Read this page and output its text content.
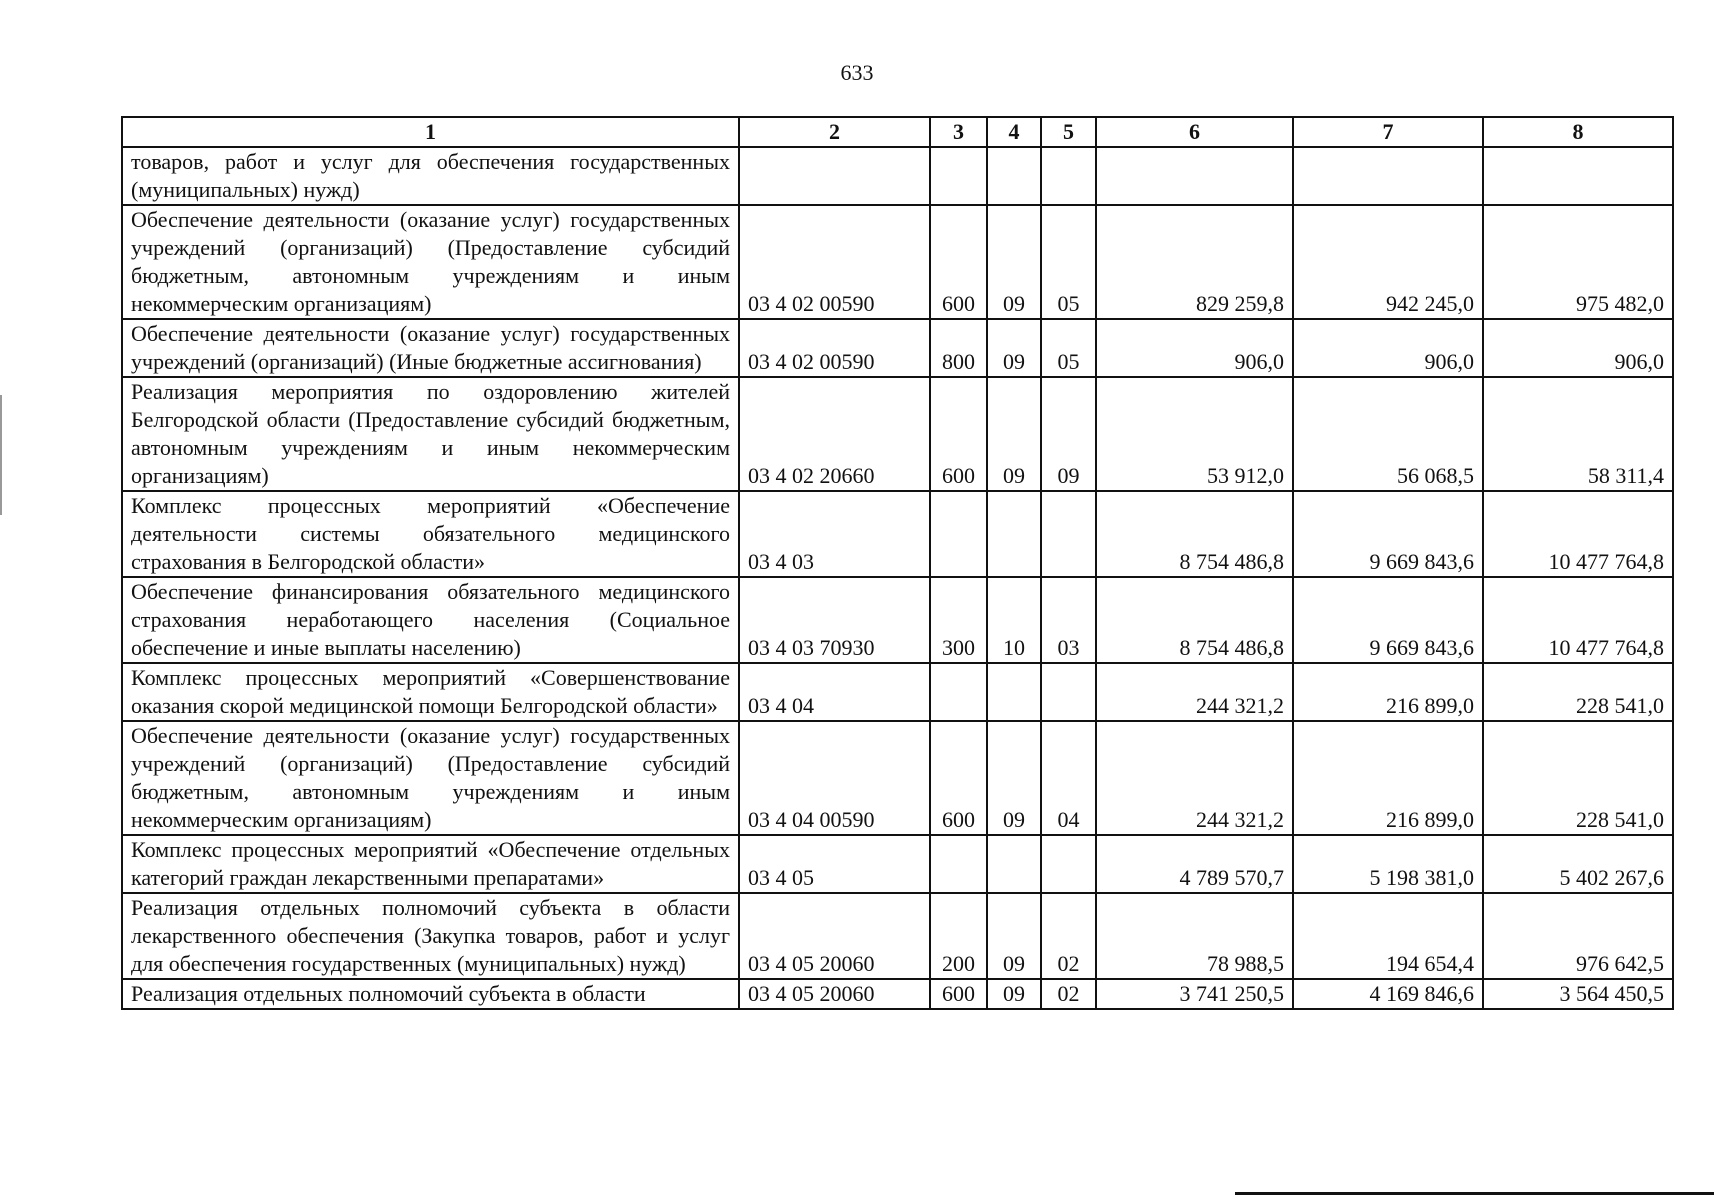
633
1	2	3	4	5	6	7	8
товаров, работ и услуг для обеспечения государственных (муниципальных) нужд)							
Обеспечение деятельности (оказание услуг) государственных учреждений (организаций) (Предоставление субсидий бюджетным, автономным учреждениям и иным некоммерческим организациям)	03 4 02 00590	600	09	05	829 259,8	942 245,0	975 482,0
Обеспечение деятельности (оказание услуг) государственных учреждений (организаций) (Иные бюджетные ассигнования)	03 4 02 00590	800	09	05	906,0	906,0	906,0
Реализация мероприятия по оздоровлению жителей Белгородской области (Предоставление субсидий бюджетным, автономным учреждениям и иным некоммерческим организациям)	03 4 02 20660	600	09	09	53 912,0	56 068,5	58 311,4
Комплекс процессных мероприятий «Обеспечение деятельности системы обязательного медицинского страхования в Белгородской области»	03 4 03				8 754 486,8	9 669 843,6	10 477 764,8
Обеспечение финансирования обязательного медицинского страхования неработающего населения (Социальное обеспечение и иные выплаты населению)	03 4 03 70930	300	10	03	8 754 486,8	9 669 843,6	10 477 764,8
Комплекс процессных мероприятий «Совершенствование оказания скорой медицинской помощи Белгородской области»	03 4 04				244 321,2	216 899,0	228 541,0
Обеспечение деятельности (оказание услуг) государственных учреждений (организаций) (Предоставление субсидий бюджетным, автономным учреждениям и иным некоммерческим организациям)	03 4 04 00590	600	09	04	244 321,2	216 899,0	228 541,0
Комплекс процессных мероприятий «Обеспечение отдельных категорий граждан лекарственными препаратами»	03 4 05				4 789 570,7	5 198 381,0	5 402 267,6
Реализация отдельных полномочий субъекта в области лекарственного обеспечения (Закупка товаров, работ и услуг для обеспечения государственных (муниципальных) нужд)	03 4 05 20060	200	09	02	78 988,5	194 654,4	976 642,5
Реализация отдельных полномочий субъекта в области	03 4 05 20060	600	09	02	3 741 250,5	4 169 846,6	3 564 450,5
